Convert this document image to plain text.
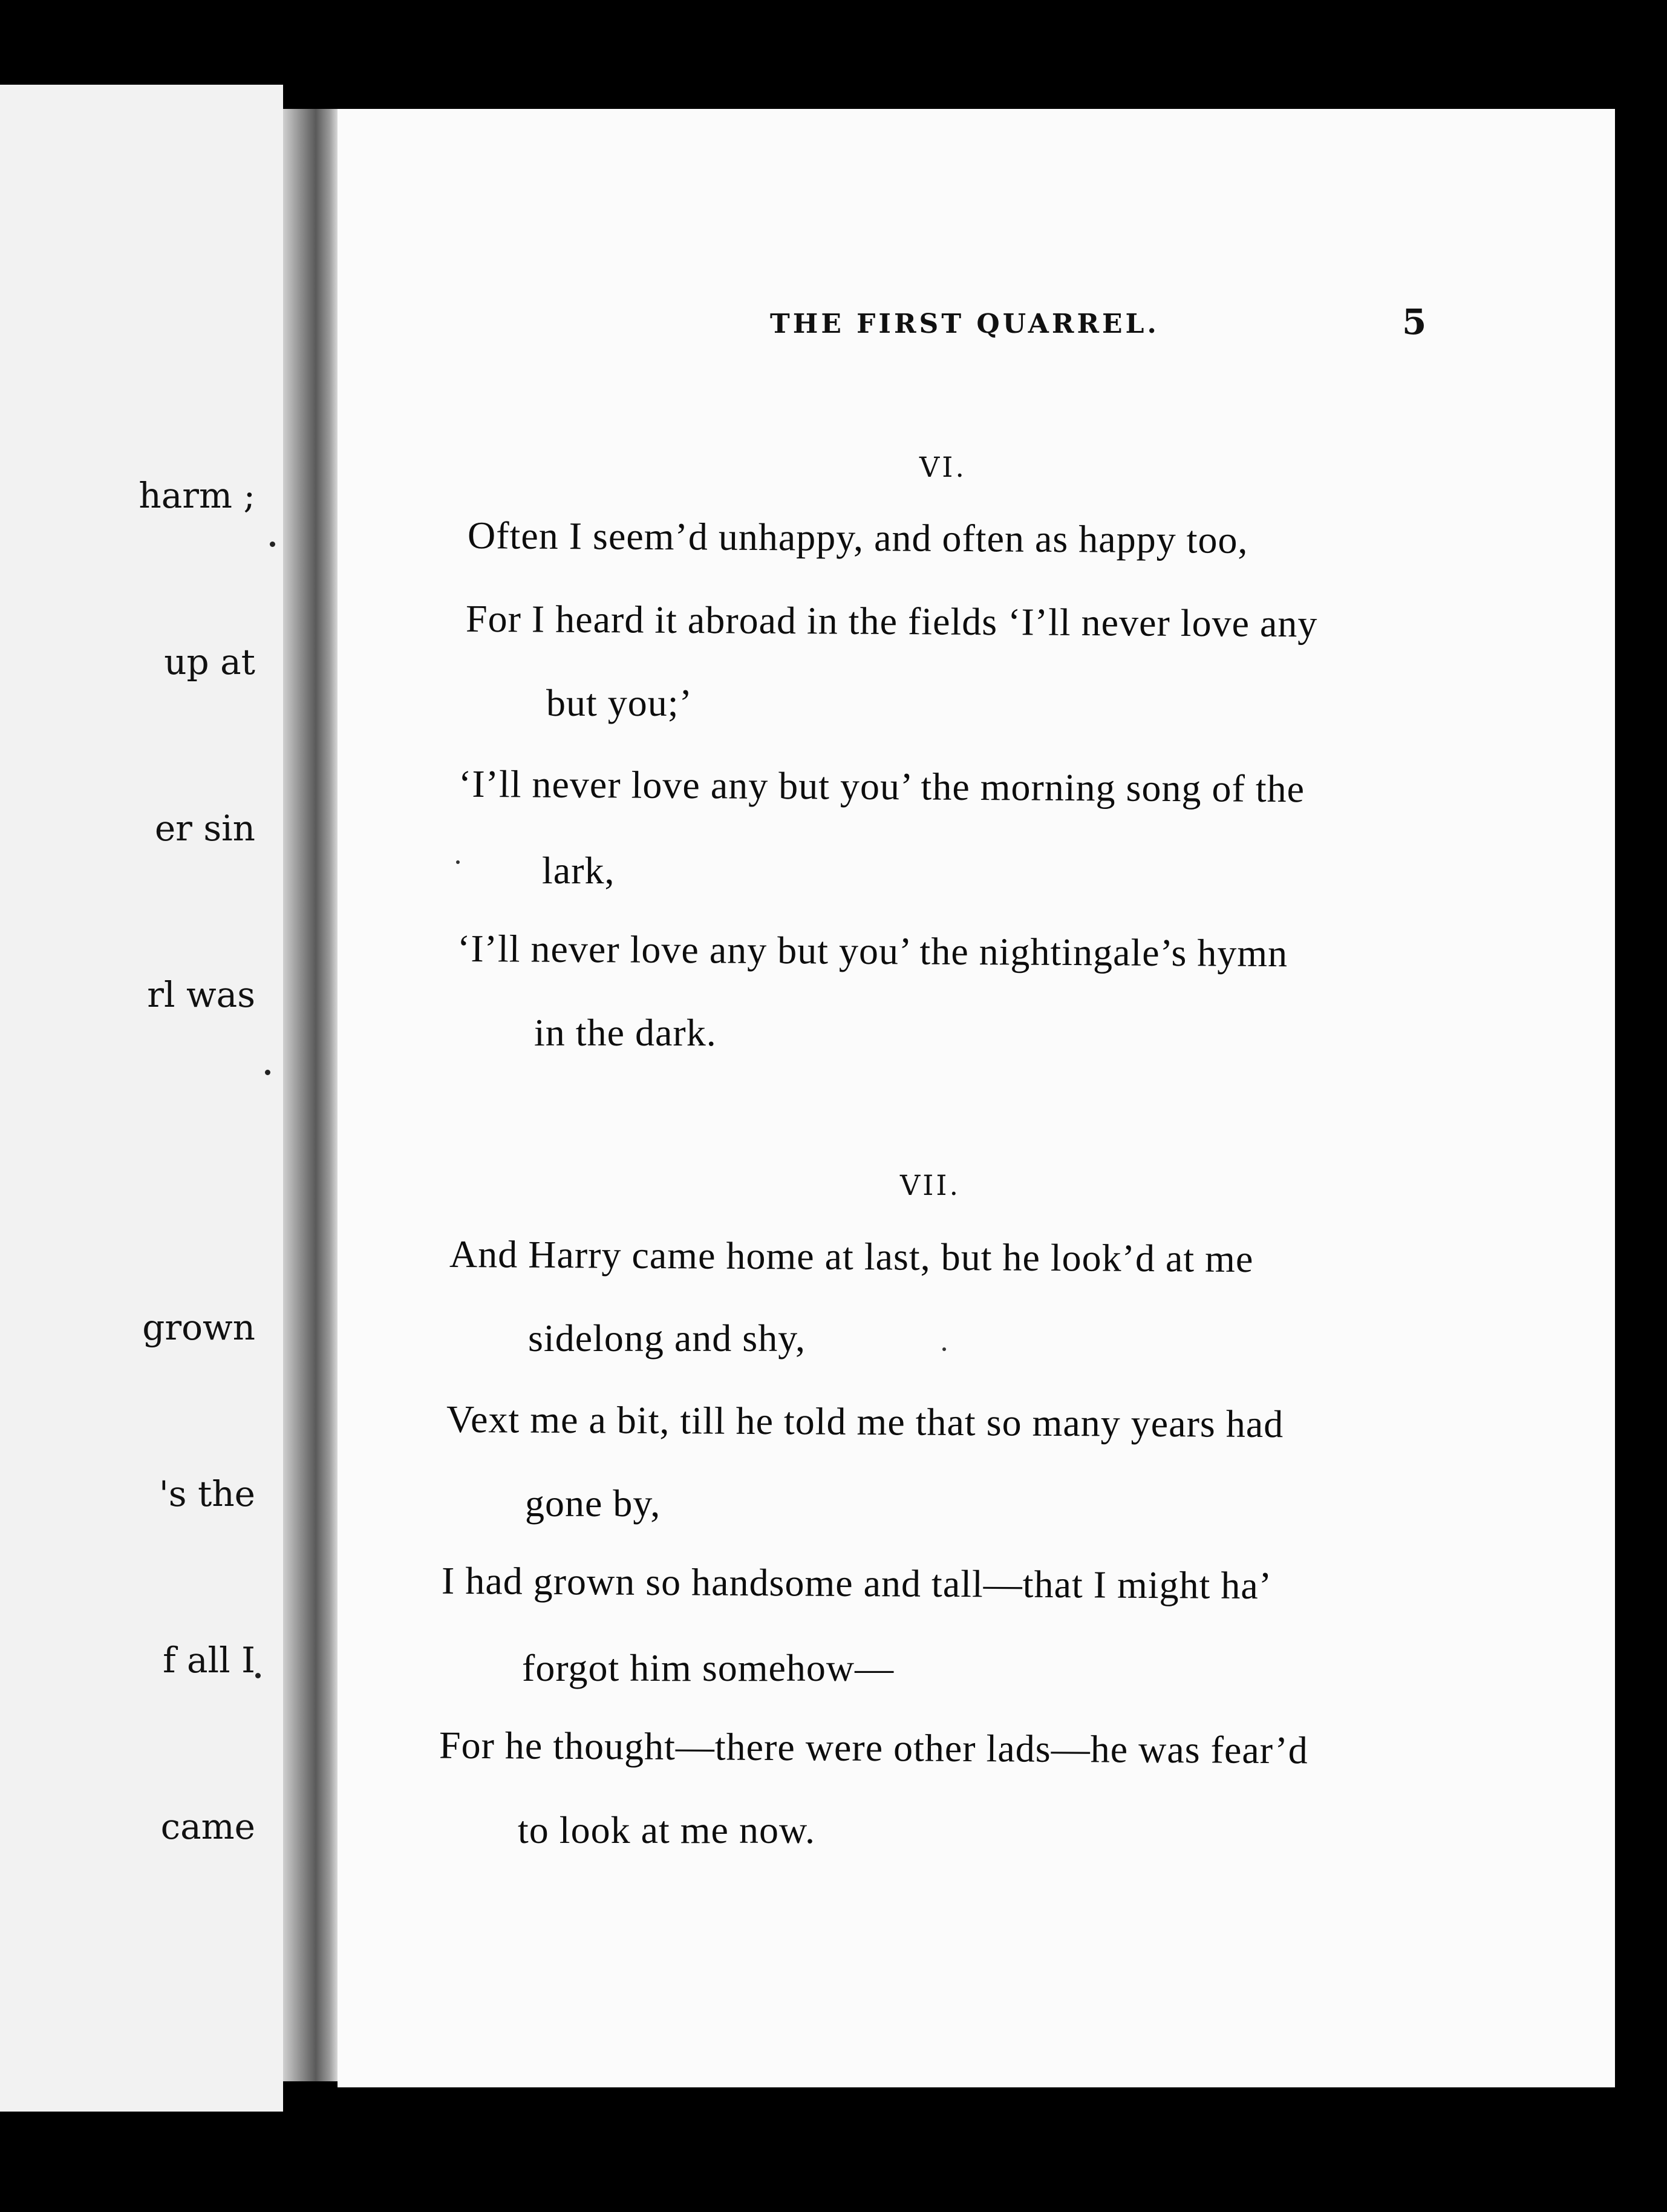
harm ;
up at
er sin
rl was
grown
's the
f all I
came
THE FIRST QUARREL.	5
VI.
Often I seem’d unhappy, and often as happy too,
For I heard it abroad in the fields ‘I’ll never love any
but you;’
‘I’ll never love any but you’ the morning song of the
lark,
‘I’ll never love any but you’ the nightingale’s hymn
in the dark.
VII.
And Harry came home at last, but he look’d at me
sidelong and shy,
Vext me a bit, till he told me that so many years had
gone by,
I had grown so handsome and tall—that I might ha’
forgot him somehow—
For he thought—there were other lads—he was fear’d
to look at me now.
